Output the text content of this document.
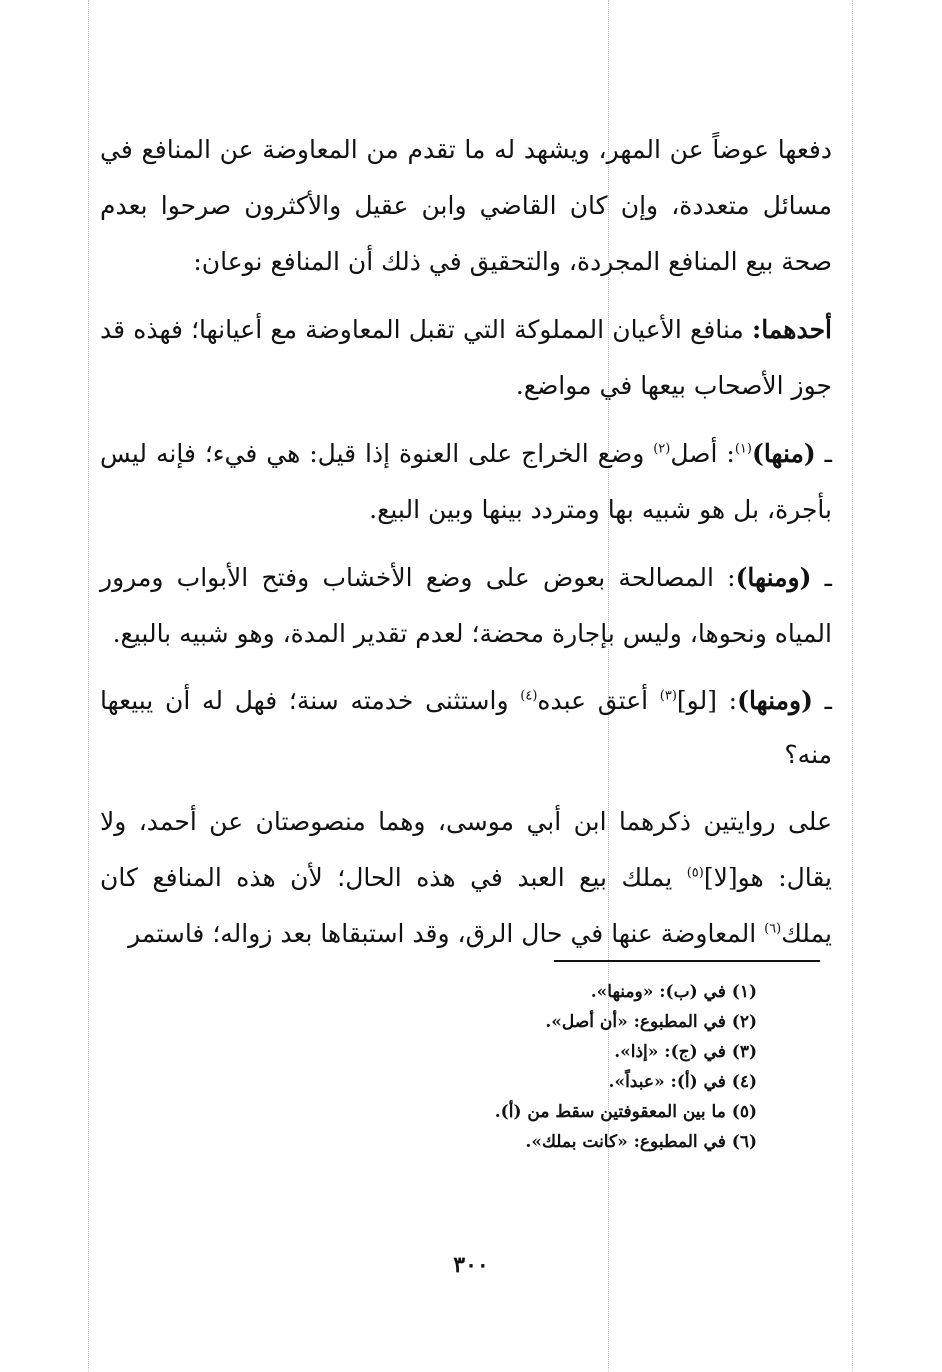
دفعها عوضاً عن المهر، ويشهد له ما تقدم من المعاوضة عن المنافع في مسائل متعددة، وإن كان القاضي وابن عقيل والأكثرون صرحوا بعدم صحة بيع المنافع المجردة، والتحقيق في ذلك أن المنافع نوعان:

أحدهما: منافع الأعيان المملوكة التي تقبل المعاوضة مع أعيانها؛ فهذه قد جوز الأصحاب بيعها في مواضع.

ـ (منها)$^{(١)}$: أصل$^{(٢)}$ وضع الخراج على العنوة إذا قيل: هي فيء؛ فإنه ليس بأجرة، بل هو شبيه بها ومتردد بينها وبين البيع.

ـ (ومنها): المصالحة بعوض على وضع الأخشاب وفتح الأبواب ومرور المياه ونحوها، وليس بإجارة محضة؛ لعدم تقدير المدة، وهو شبيه بالبيع.

ـ (ومنها): [لو]$^{(٣)}$ أعتق عبده$^{(٤)}$ واستثنى خدمته سنة؛ فهل له أن يبيعها منه؟

على روايتين ذكرهما ابن أبي موسى، وهما منصوصتان عن أحمد، ولا يقال: هو[لا]$^{(٥)}$ يملك بيع العبد في هذه الحال؛ لأن هذه المنافع كان يملك$^{(٦)}$ المعاوضة عنها في حال الرق، وقد استبقاها بعد زواله؛ فاستمر

(١) في (ب): «ومنها».

(٢) في المطبوع: «أن أصل».

(٣) في (ج): «إذا».

(٤) في (أ): «عبداً».

(٥) ما بين المعقوفتين سقط من (أ).

(٦) في المطبوع: «كانت بملك».

٣٠٠
